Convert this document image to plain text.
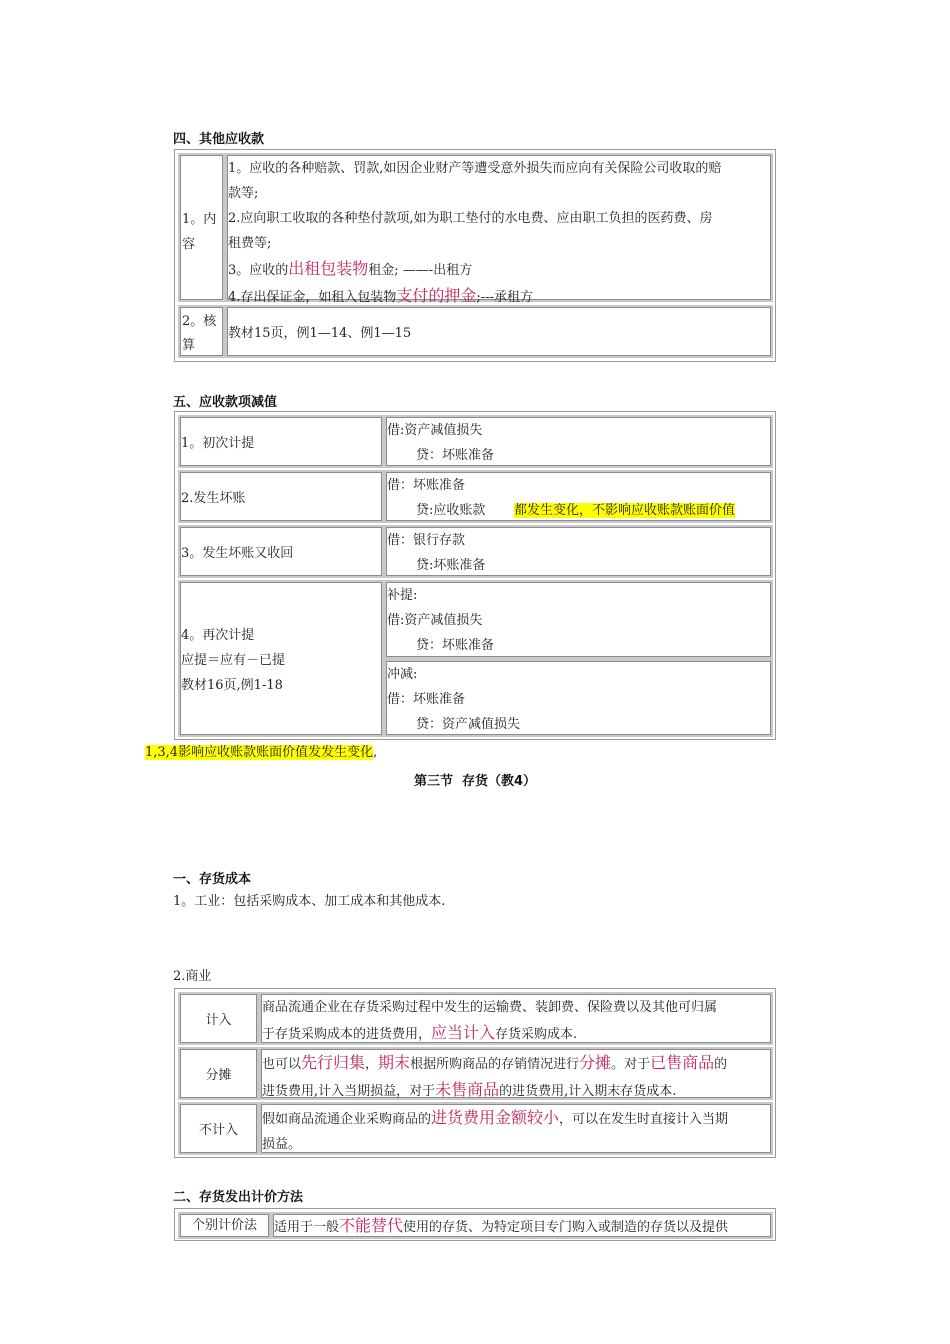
四、其他应收款
1。内
容
1。应收的各种赔款、罚款,如因企业财产等遭受意外损失而应向有关保险公司收取的赔
款等;
2.应向职工收取的各种垫付款项,如为职工垫付的水电费、应由职工负担的医药费、房
租费等;
3。应收的出租包装物租金; ——-出租方
4.存出保证金，如租入包装物支付的押金;---承租方
2。核
算
教材15页，例1—14、例1—15
五、应收款项减值
1。初次计提
借:资产减值损失
贷：坏账准备
2.发生坏账
借：坏账准备
贷:应收账款 都发生变化，不影响应收账款账面价值
3。发生坏账又收回
借：银行存款
贷:坏账准备
4。再次计提
应提＝应有－已提
教材16页,例1-18
补提:
借:资产减值损失
贷：坏账准备
冲减:
借：坏账准备
贷：资产减值损失
1,3,4影响应收账款账面价值发发生变化,
第三节  存货（教4）
一、存货成本
1。工业：包括采购成本、加工成本和其他成本.
2.商业
计入
商品流通企业在存货采购过程中发生的运输费、装卸费、保险费以及其他可归属
于存货采购成本的进货费用，应当计入存货采购成本.
分摊
也可以先行归集，期末根据所购商品的存销情况进行分摊。对于已售商品的
进货费用,计入当期损益，对于未售商品的进货费用,计入期末存货成本.
不计入
假如商品流通企业采购商品的进货费用金额较小，可以在发生时直接计入当期
损益。
二、存货发出计价方法
个别计价法	适用于一般不能替代使用的存货、为特定项目专门购入或制造的存货以及提供
